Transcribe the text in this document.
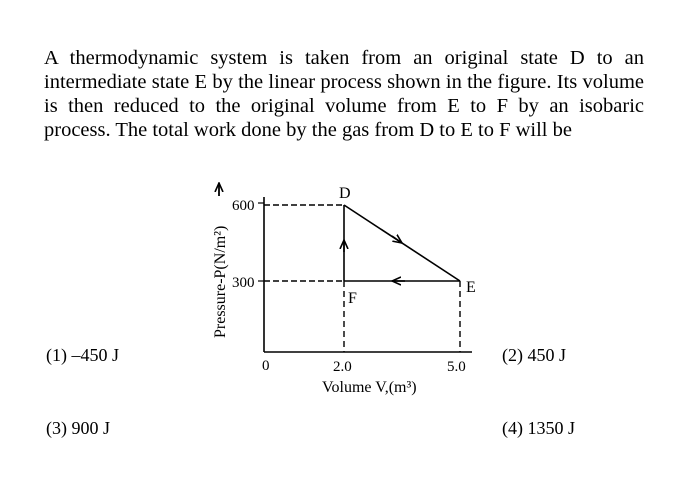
A thermodynamic system is taken from an original state D to an intermediate state E by the linear process shown in the figure. Its volume is then reduced to the original volume from E to F by an isobaric process. The total work done by the gas from D to E to F will be
600
300
0	2.0	5.0
D
E
F
Volume V,(m³)
Pressure-P(N/m²)
(1) –450 J	(2) 450 J
(3) 900 J	(4) 1350 J
